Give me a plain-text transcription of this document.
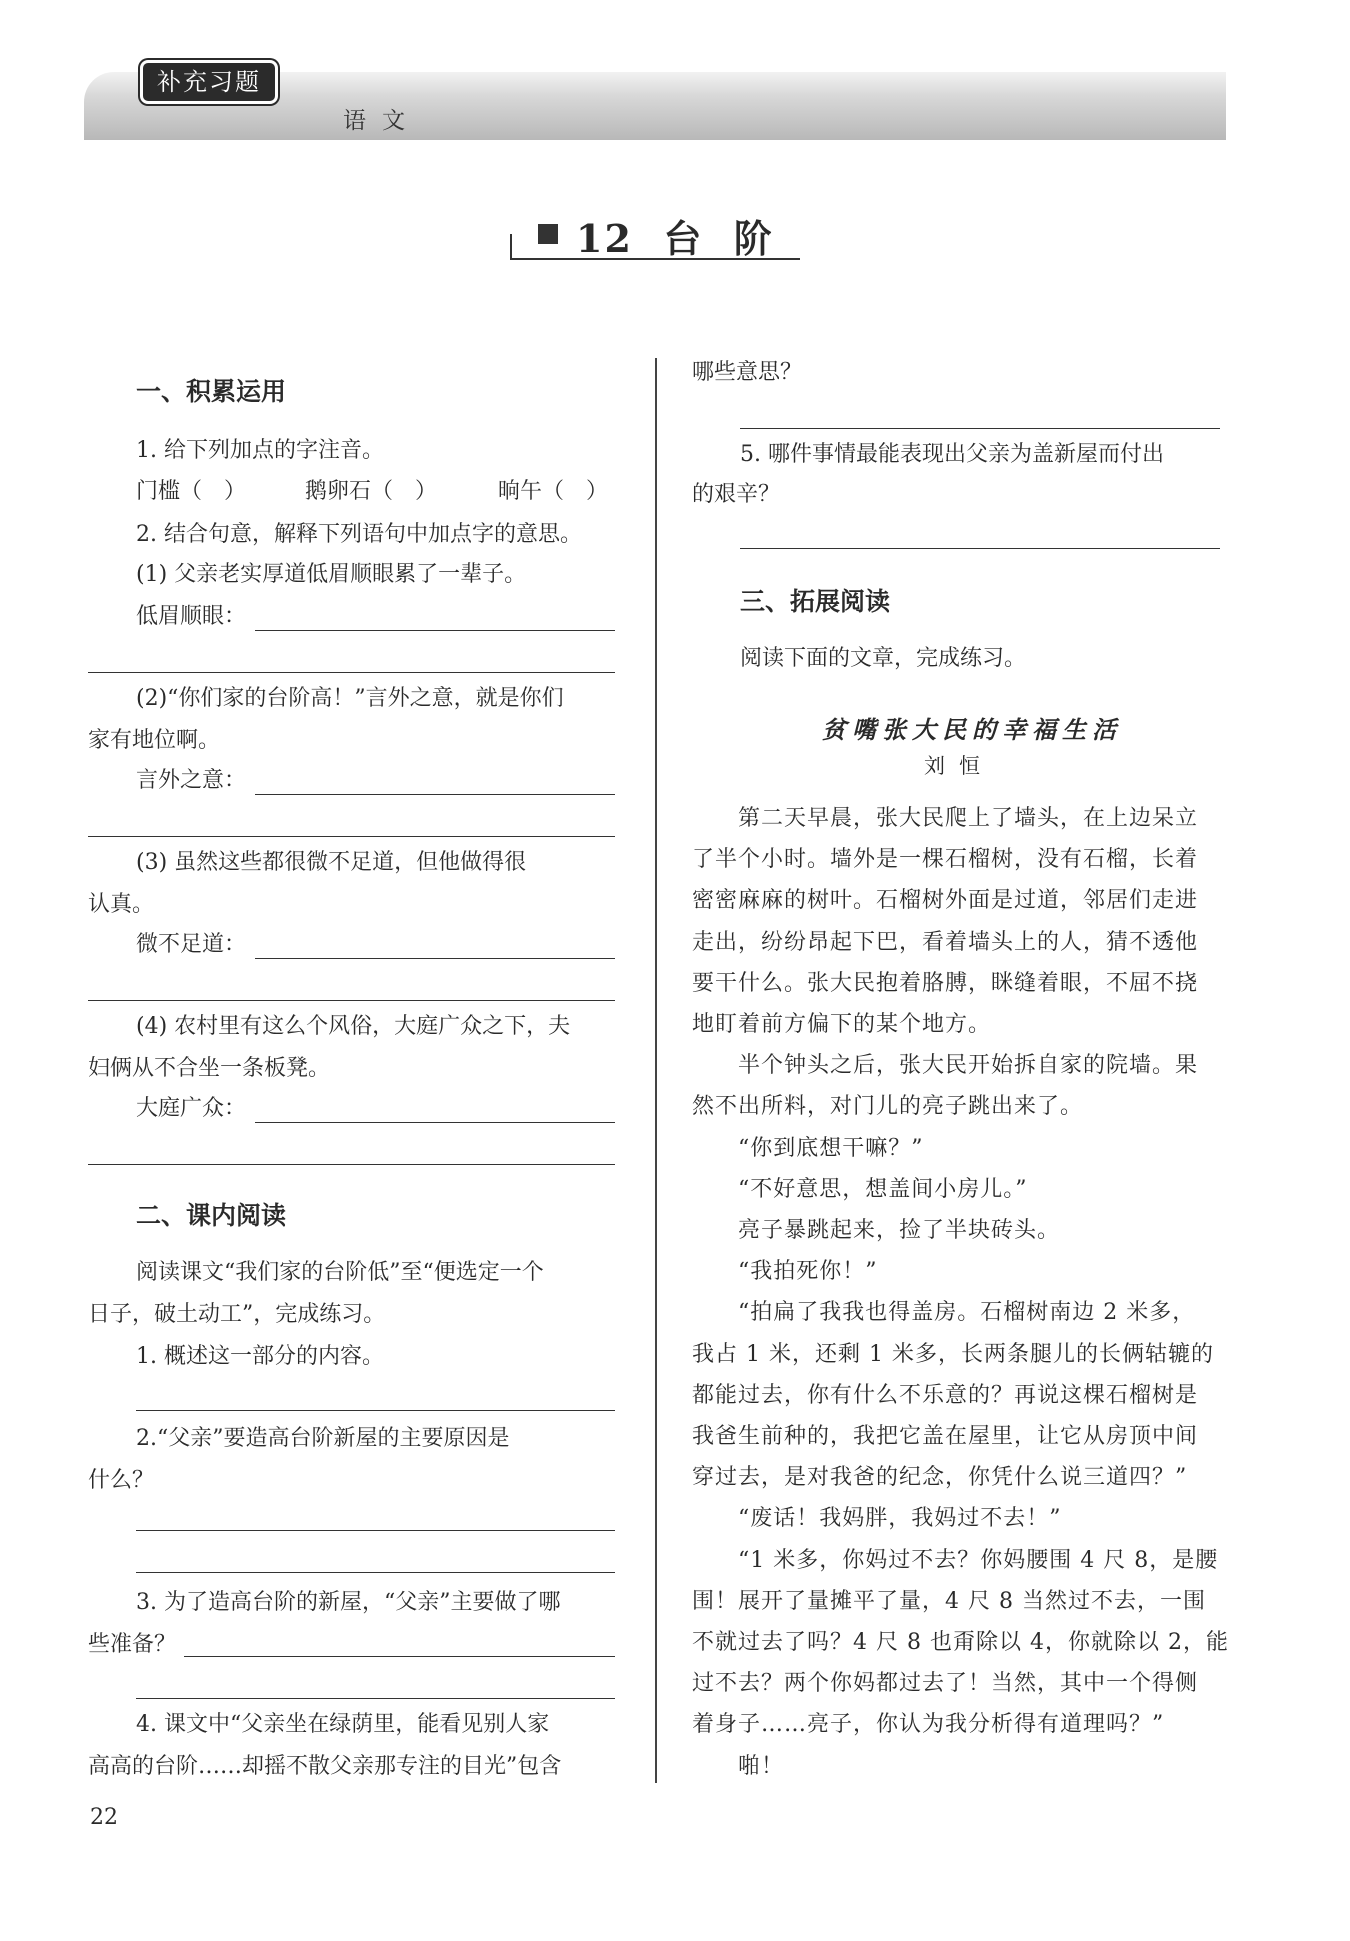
补充习题
语文
12  台  阶
一、积累运用
1. 给下列加点的字注音。
门槛（　）	鹅卵石（　）	晌午（　）
2. 结合句意，解释下列语句中加点字的意思。
(1) 父亲老实厚道低眉顺眼累了一辈子。
低眉顺眼：
(2)“你们家的台阶高！”言外之意，就是你们
家有地位啊。
言外之意：
(3) 虽然这些都很微不足道，但他做得很
认真。
微不足道：
(4) 农村里有这么个风俗，大庭广众之下，夫
妇俩从不合坐一条板凳。
大庭广众：
二、课内阅读
阅读课文“我们家的台阶低”至“便选定一个
日子，破土动工”，完成练习。
1. 概述这一部分的内容。
2.“父亲”要造高台阶新屋的主要原因是
什么？
3. 为了造高台阶的新屋，“父亲”主要做了哪
些准备？
4. 课文中“父亲坐在绿荫里，能看见别人家
高高的台阶……却摇不散父亲那专注的目光”包含
哪些意思？
5. 哪件事情最能表现出父亲为盖新屋而付出
的艰辛？
三、拓展阅读
阅读下面的文章，完成练习。
贫嘴张大民的幸福生活
刘恒
　　第二天早晨，张大民爬上了墙头，在上边呆立
了半个小时。墙外是一棵石榴树，没有石榴，长着
密密麻麻的树叶。石榴树外面是过道，邻居们走进
走出，纷纷昂起下巴，看着墙头上的人，猜不透他
要干什么。张大民抱着胳膊，眯缝着眼，不屈不挠
地盯着前方偏下的某个地方。
　　半个钟头之后，张大民开始拆自家的院墙。果
然不出所料，对门儿的亮子跳出来了。
　　“你到底想干嘛？”
　　“不好意思，想盖间小房儿。”
　　亮子暴跳起来，捡了半块砖头。
　　“我拍死你！”
　　“拍扁了我我也得盖房。石榴树南边 2 米多，
我占 1 米，还剩 1 米多，长两条腿儿的长俩轱辘的
都能过去，你有什么不乐意的？再说这棵石榴树是
我爸生前种的，我把它盖在屋里，让它从房顶中间
穿过去，是对我爸的纪念，你凭什么说三道四？”
　　“废话！我妈胖，我妈过不去！”
　　“1 米多，你妈过不去？你妈腰围 4 尺 8，是腰
围！展开了量摊平了量，4 尺 8 当然过不去，一围
不就过去了吗？4 尺 8 也甭除以 4，你就除以 2，能
过不去？两个你妈都过去了！当然，其中一个得侧
着身子……亮子，你认为我分析得有道理吗？”
　　啪！
22
